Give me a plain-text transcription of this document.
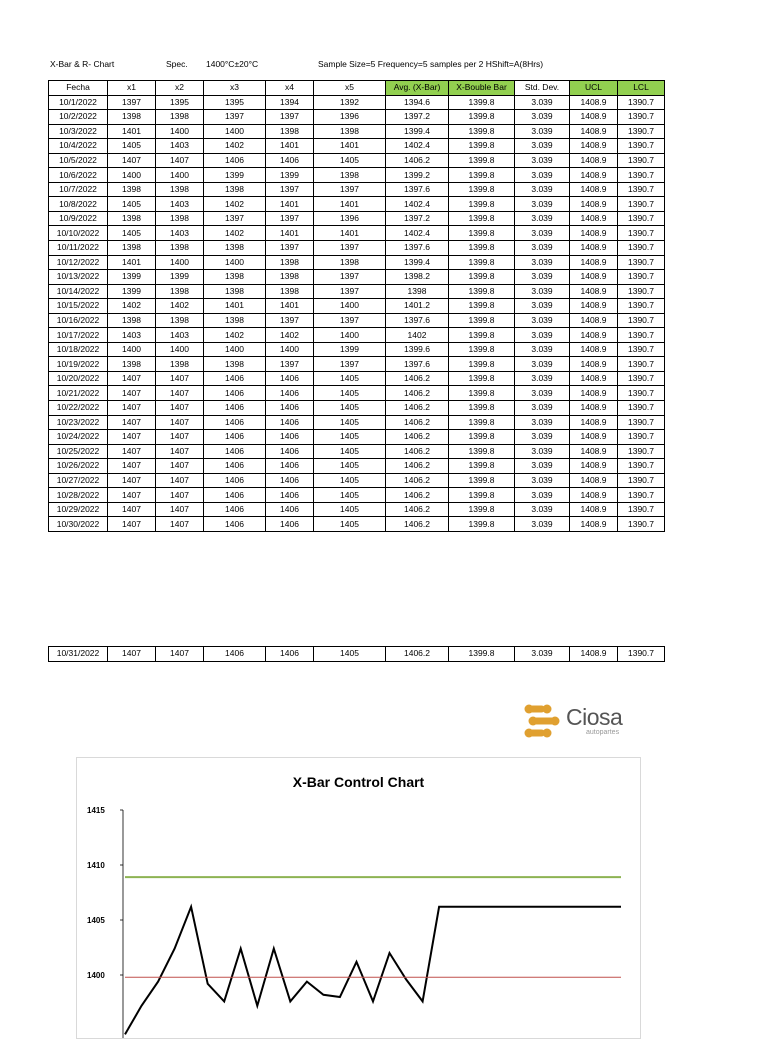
X-Bar & R- Chart	Spec. 1400°C±20°C	Sample Size=5 Frequency=5 samples per 2 HShift=A(8Hrs)
Fecha	x1	x2	x3	x4	x5	Avg. (X-Bar)	X-Bouble Bar	Std. Dev.	UCL	LCL
10/1/2022	1397	1395	1395	1394	1392	1394.6	1399.8	3.039	1408.9	1390.7
10/2/2022	1398	1398	1397	1397	1396	1397.2	1399.8	3.039	1408.9	1390.7
10/3/2022	1401	1400	1400	1398	1398	1399.4	1399.8	3.039	1408.9	1390.7
10/4/2022	1405	1403	1402	1401	1401	1402.4	1399.8	3.039	1408.9	1390.7
10/5/2022	1407	1407	1406	1406	1405	1406.2	1399.8	3.039	1408.9	1390.7
10/6/2022	1400	1400	1399	1399	1398	1399.2	1399.8	3.039	1408.9	1390.7
10/7/2022	1398	1398	1398	1397	1397	1397.6	1399.8	3.039	1408.9	1390.7
10/8/2022	1405	1403	1402	1401	1401	1402.4	1399.8	3.039	1408.9	1390.7
10/9/2022	1398	1398	1397	1397	1396	1397.2	1399.8	3.039	1408.9	1390.7
10/10/2022	1405	1403	1402	1401	1401	1402.4	1399.8	3.039	1408.9	1390.7
10/11/2022	1398	1398	1398	1397	1397	1397.6	1399.8	3.039	1408.9	1390.7
10/12/2022	1401	1400	1400	1398	1398	1399.4	1399.8	3.039	1408.9	1390.7
10/13/2022	1399	1399	1398	1398	1397	1398.2	1399.8	3.039	1408.9	1390.7
10/14/2022	1399	1398	1398	1398	1397	1398	1399.8	3.039	1408.9	1390.7
10/15/2022	1402	1402	1401	1401	1400	1401.2	1399.8	3.039	1408.9	1390.7
10/16/2022	1398	1398	1398	1397	1397	1397.6	1399.8	3.039	1408.9	1390.7
10/17/2022	1403	1403	1402	1402	1400	1402	1399.8	3.039	1408.9	1390.7
10/18/2022	1400	1400	1400	1400	1399	1399.6	1399.8	3.039	1408.9	1390.7
10/19/2022	1398	1398	1398	1397	1397	1397.6	1399.8	3.039	1408.9	1390.7
10/20/2022	1407	1407	1406	1406	1405	1406.2	1399.8	3.039	1408.9	1390.7
10/21/2022	1407	1407	1406	1406	1405	1406.2	1399.8	3.039	1408.9	1390.7
10/22/2022	1407	1407	1406	1406	1405	1406.2	1399.8	3.039	1408.9	1390.7
10/23/2022	1407	1407	1406	1406	1405	1406.2	1399.8	3.039	1408.9	1390.7
10/24/2022	1407	1407	1406	1406	1405	1406.2	1399.8	3.039	1408.9	1390.7
10/25/2022	1407	1407	1406	1406	1405	1406.2	1399.8	3.039	1408.9	1390.7
10/26/2022	1407	1407	1406	1406	1405	1406.2	1399.8	3.039	1408.9	1390.7
10/27/2022	1407	1407	1406	1406	1405	1406.2	1399.8	3.039	1408.9	1390.7
10/28/2022	1407	1407	1406	1406	1405	1406.2	1399.8	3.039	1408.9	1390.7
10/29/2022	1407	1407	1406	1406	1405	1406.2	1399.8	3.039	1408.9	1390.7
10/30/2022	1407	1407	1406	1406	1405	1406.2	1399.8	3.039	1408.9	1390.7
10/31/2022	1407	1407	1406	1406	1405	1406.2	1399.8	3.039	1408.9	1390.7
Ciosa
autopartes
X-Bar Control Chart
1415
1410
1405
1400
